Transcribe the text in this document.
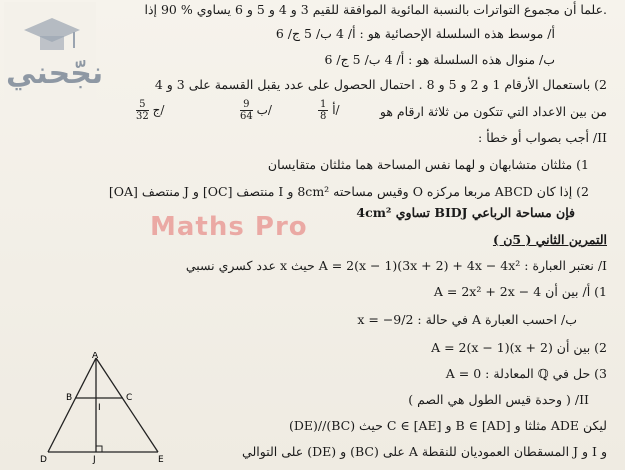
نجّحني
Maths Pro
.علما أن مجموع التواترات بالنسبة المائوية الموافقة للقيم 3 و 4 و 5 و 6 يساوي % 90 إذا
أ/ موسط هذه السلسلة الإحصائية هو : أ/ 4 ب/ 5 ج/ 6
ب/ منوال هذه السلسلة هو : أ/ 4 ب/ 5 ج/ 6
2) باستعمال الأرقام 1 و 2 و 5 و 8 . احتمال الحصول على عدد يقبل القسمة على 3 و 4
من بين الاعداد التي تتكون من ثلاثة ارقام هو
$\frac{1}{8}$ أ/
$\frac{9}{64}$ ب/
$\frac{5}{32}$ ج/
II/ أجب بصواب أو خطأ :
1) مثلثان متشابهان و لهما نفس المساحة هما مثلثان متقايسان
2) إذا كان ABCD مربعا مركزه O وقيس مساحته 8cm² و I منتصف [OC] و J منتصف [OA]
فإن مساحة الرباعي BIDJ تساوي 4cm²
التمرين الثاني ( 5ن )
I/ نعتبر العبارة : A = 2(x − 1)(3x + 2) + 4x − 4x² حيث x عدد كسري نسبي
1) أ/ بين أن A = 2x² + 2x − 4
ب/ احسب العبارة A في حالة : x = −9/2
2) بين أن A = 2(x − 1)(x + 2)
3) حل في ℚ المعادلة : A = 0
II/ ( وحدة قيس الطول هي الصم )
ليكن ADE مثلثا و B ∈ [AD] و C ∈ [AE] حيث (BC)//(DE)
و I و J المسقطان العموديان للنقطة A على (BC) و (DE) على التوالي
A
B	C
I
D	J	E
